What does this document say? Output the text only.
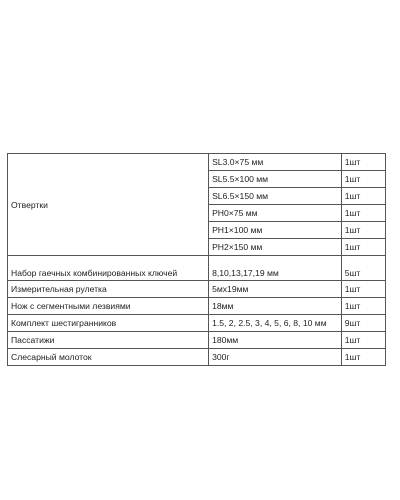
Отвертки	SL3.0×75 мм	1шт
	SL5.5×100 мм	1шт
	SL6.5×150 мм	1шт
	PH0×75 мм	1шт
	PH1×100 мм	1шт
	PH2×150 мм	1шт
Набор гаечных комбинированных ключей	8,10,13,17,19 мм	5шт
Измерительная рулетка	5мх19мм	1шт
Нож с сегментными лезвиями	18мм	1шт
Комплект шестигранников	1.5, 2, 2.5, 3, 4, 5, 6, 8, 10 мм	9шт
Пассатижи	180мм	1шт
Слесарный молоток	300г	1шт
